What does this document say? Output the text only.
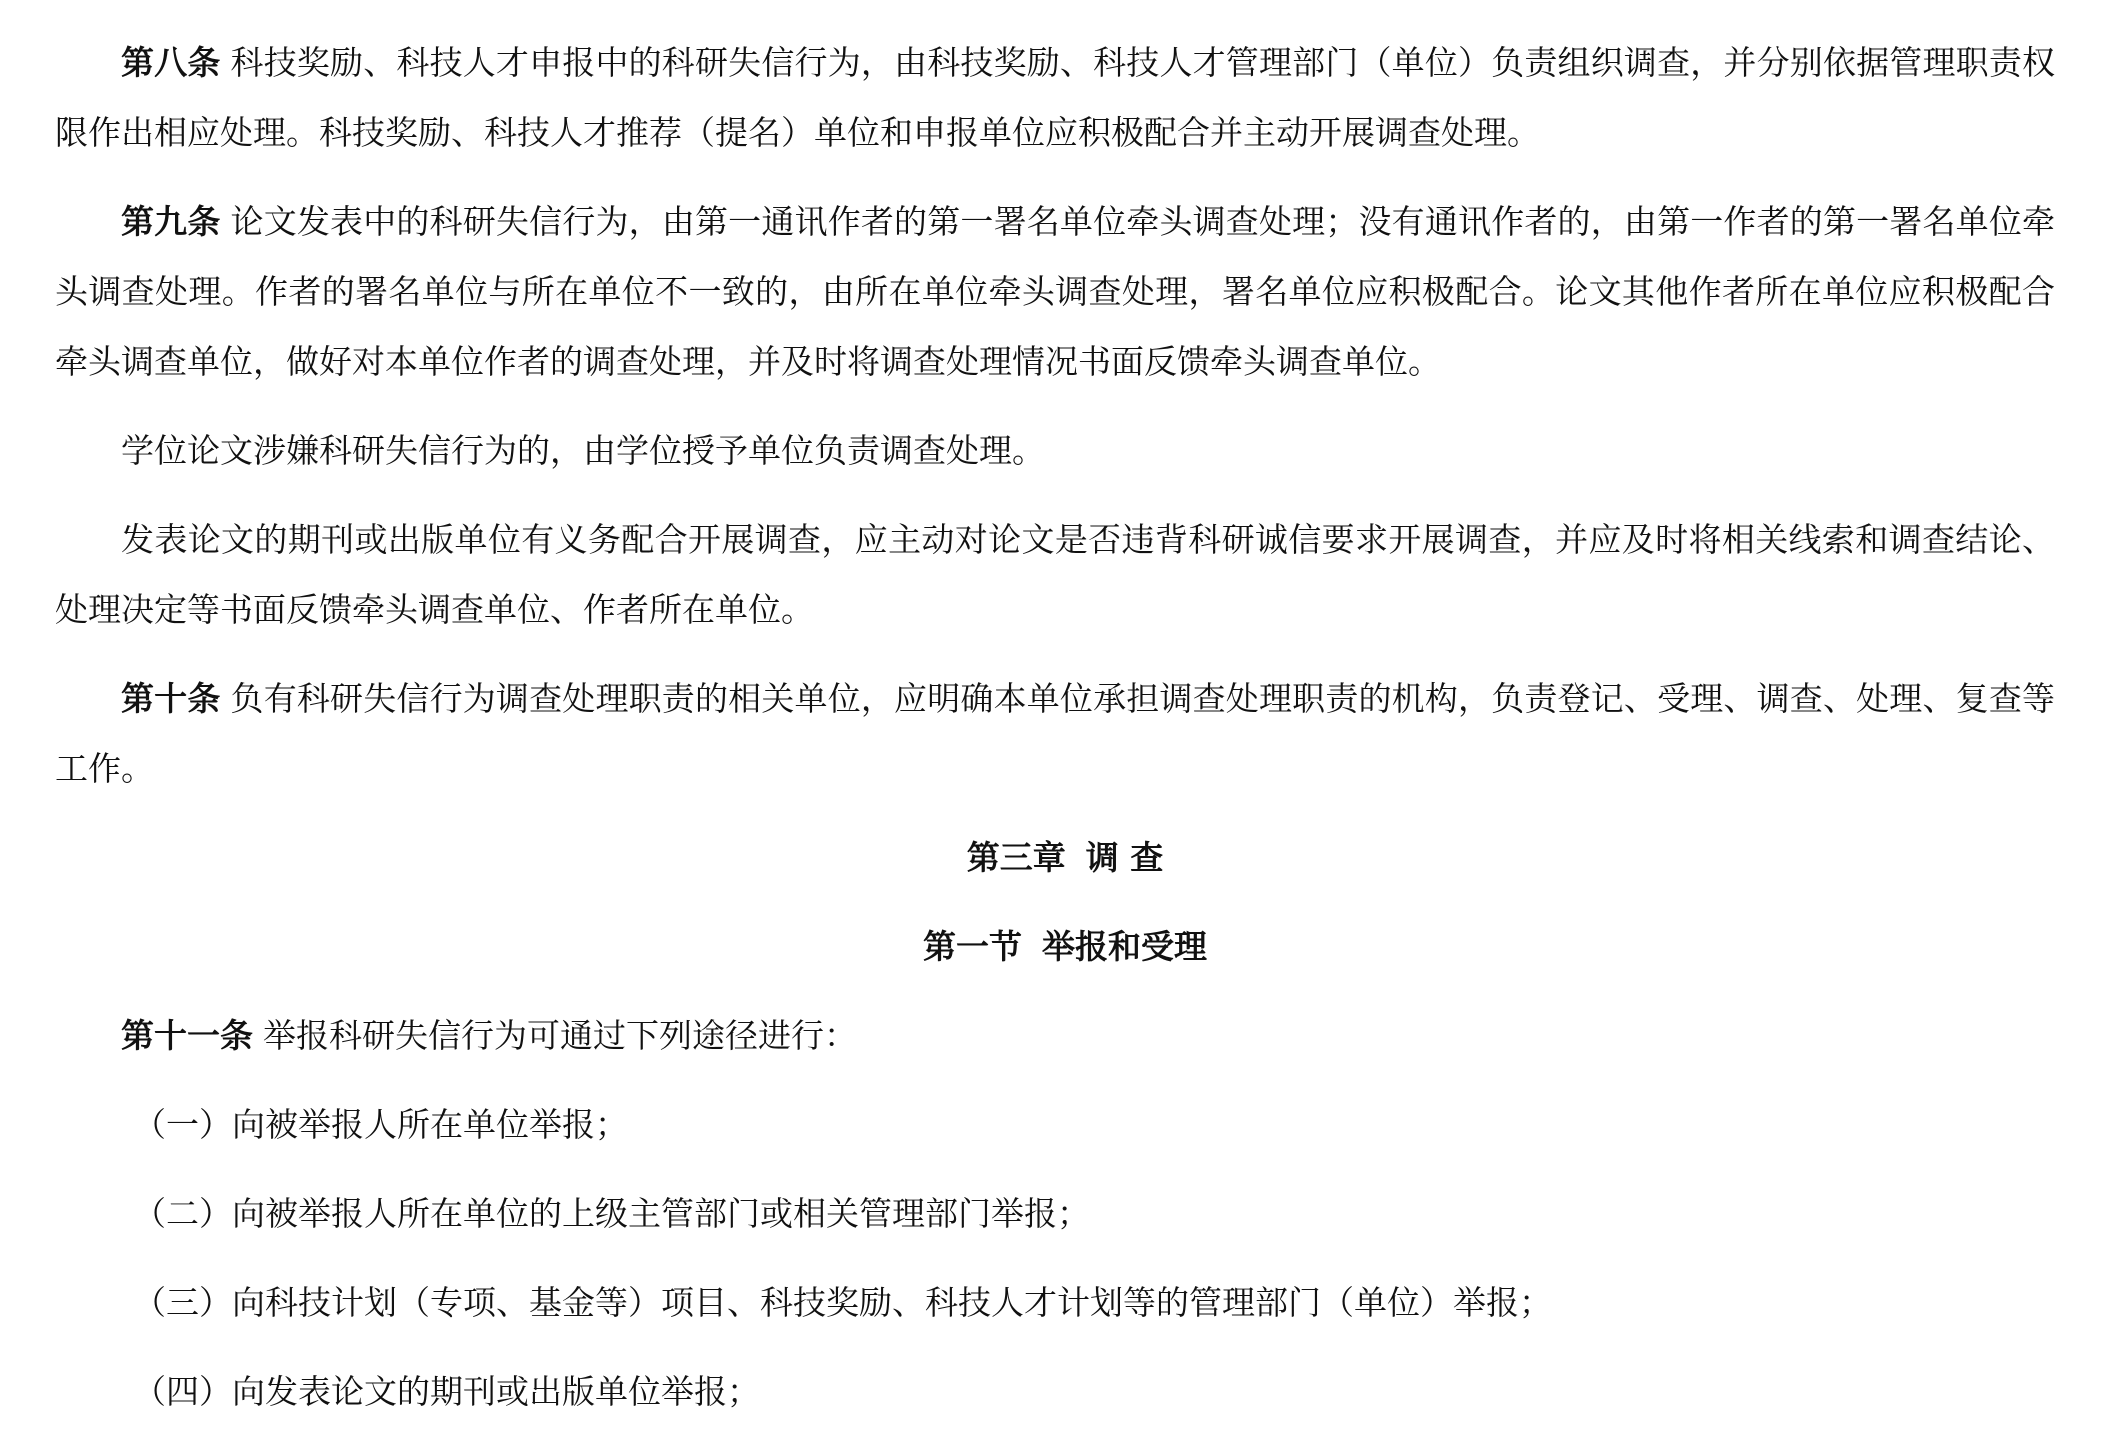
第八条 科技奖励、科技人才申报中的科研失信行为，由科技奖励、科技人才管理部门（单位）负责组织调查，并分别依据管理职责权限作出相应处理。科技奖励、科技人才推荐（提名）单位和申报单位应积极配合并主动开展调查处理。

第九条 论文发表中的科研失信行为，由第一通讯作者的第一署名单位牵头调查处理；没有通讯作者的，由第一作者的第一署名单位牵头调查处理。作者的署名单位与所在单位不一致的，由所在单位牵头调查处理，署名单位应积极配合。论文其他作者所在单位应积极配合牵头调查单位，做好对本单位作者的调查处理，并及时将调查处理情况书面反馈牵头调查单位。

学位论文涉嫌科研失信行为的，由学位授予单位负责调查处理。

发表论文的期刊或出版单位有义务配合开展调查，应主动对论文是否违背科研诚信要求开展调查，并应及时将相关线索和调查结论、处理决定等书面反馈牵头调查单位、作者所在单位。

第十条 负有科研失信行为调查处理职责的相关单位，应明确本单位承担调查处理职责的机构，负责登记、受理、调查、处理、复查等工作。

第三章 调 查

第一节 举报和受理

第十一条 举报科研失信行为可通过下列途径进行：

（一）向被举报人所在单位举报；

（二）向被举报人所在单位的上级主管部门或相关管理部门举报；

（三）向科技计划（专项、基金等）项目、科技奖励、科技人才计划等的管理部门（单位）举报；

（四）向发表论文的期刊或出版单位举报；
